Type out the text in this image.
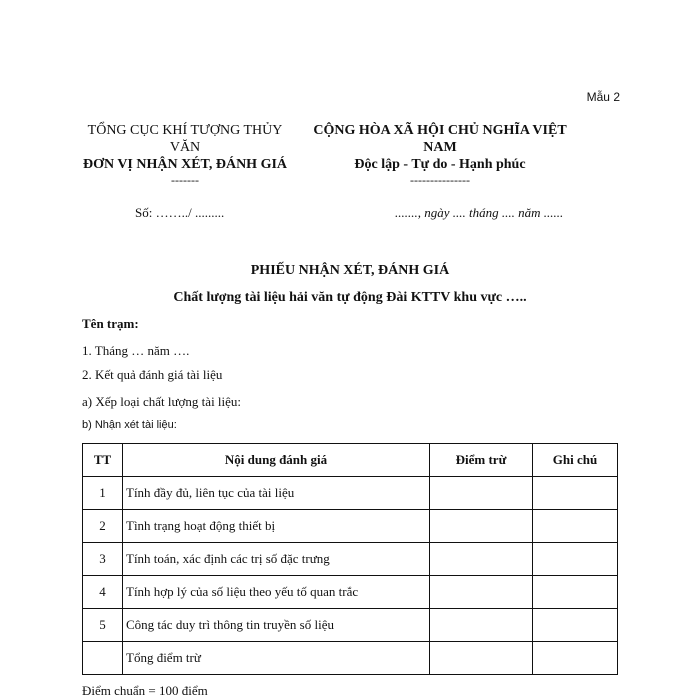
Mẫu 2
TỔNG CỤC KHÍ TƯỢNG THỦY VĂN
ĐƠN VỊ NHẬN XÉT, ĐÁNH GIÁ
-------
CỘNG HÒA XÃ HỘI CHỦ NGHĨA VIỆT NAM
Độc lập - Tự do - Hạnh phúc
---------------
Số: ……../ .........	......., ngày .... tháng .... năm ......
PHIẾU NHẬN XÉT, ĐÁNH GIÁ
Chất lượng tài liệu hải văn tự động Đài KTTV khu vực …..
Tên trạm:
1. Tháng … năm ….
2. Kết quả đánh giá tài liệu
a) Xếp loại chất lượng tài liệu:
b) Nhận xét tài liệu:
TT	Nội dung đánh giá	Điểm trừ	Ghi chú
1	Tính đầy đủ, liên tục của tài liệu		
2	Tình trạng hoạt động thiết bị		
3	Tính toán, xác định các trị số đặc trưng		
4	Tính hợp lý của số liệu theo yếu tố quan trắc		
5	Công tác duy trì thông tin truyền số liệu		
	Tổng điểm trừ		
Điểm chuẩn = 100 điểm
